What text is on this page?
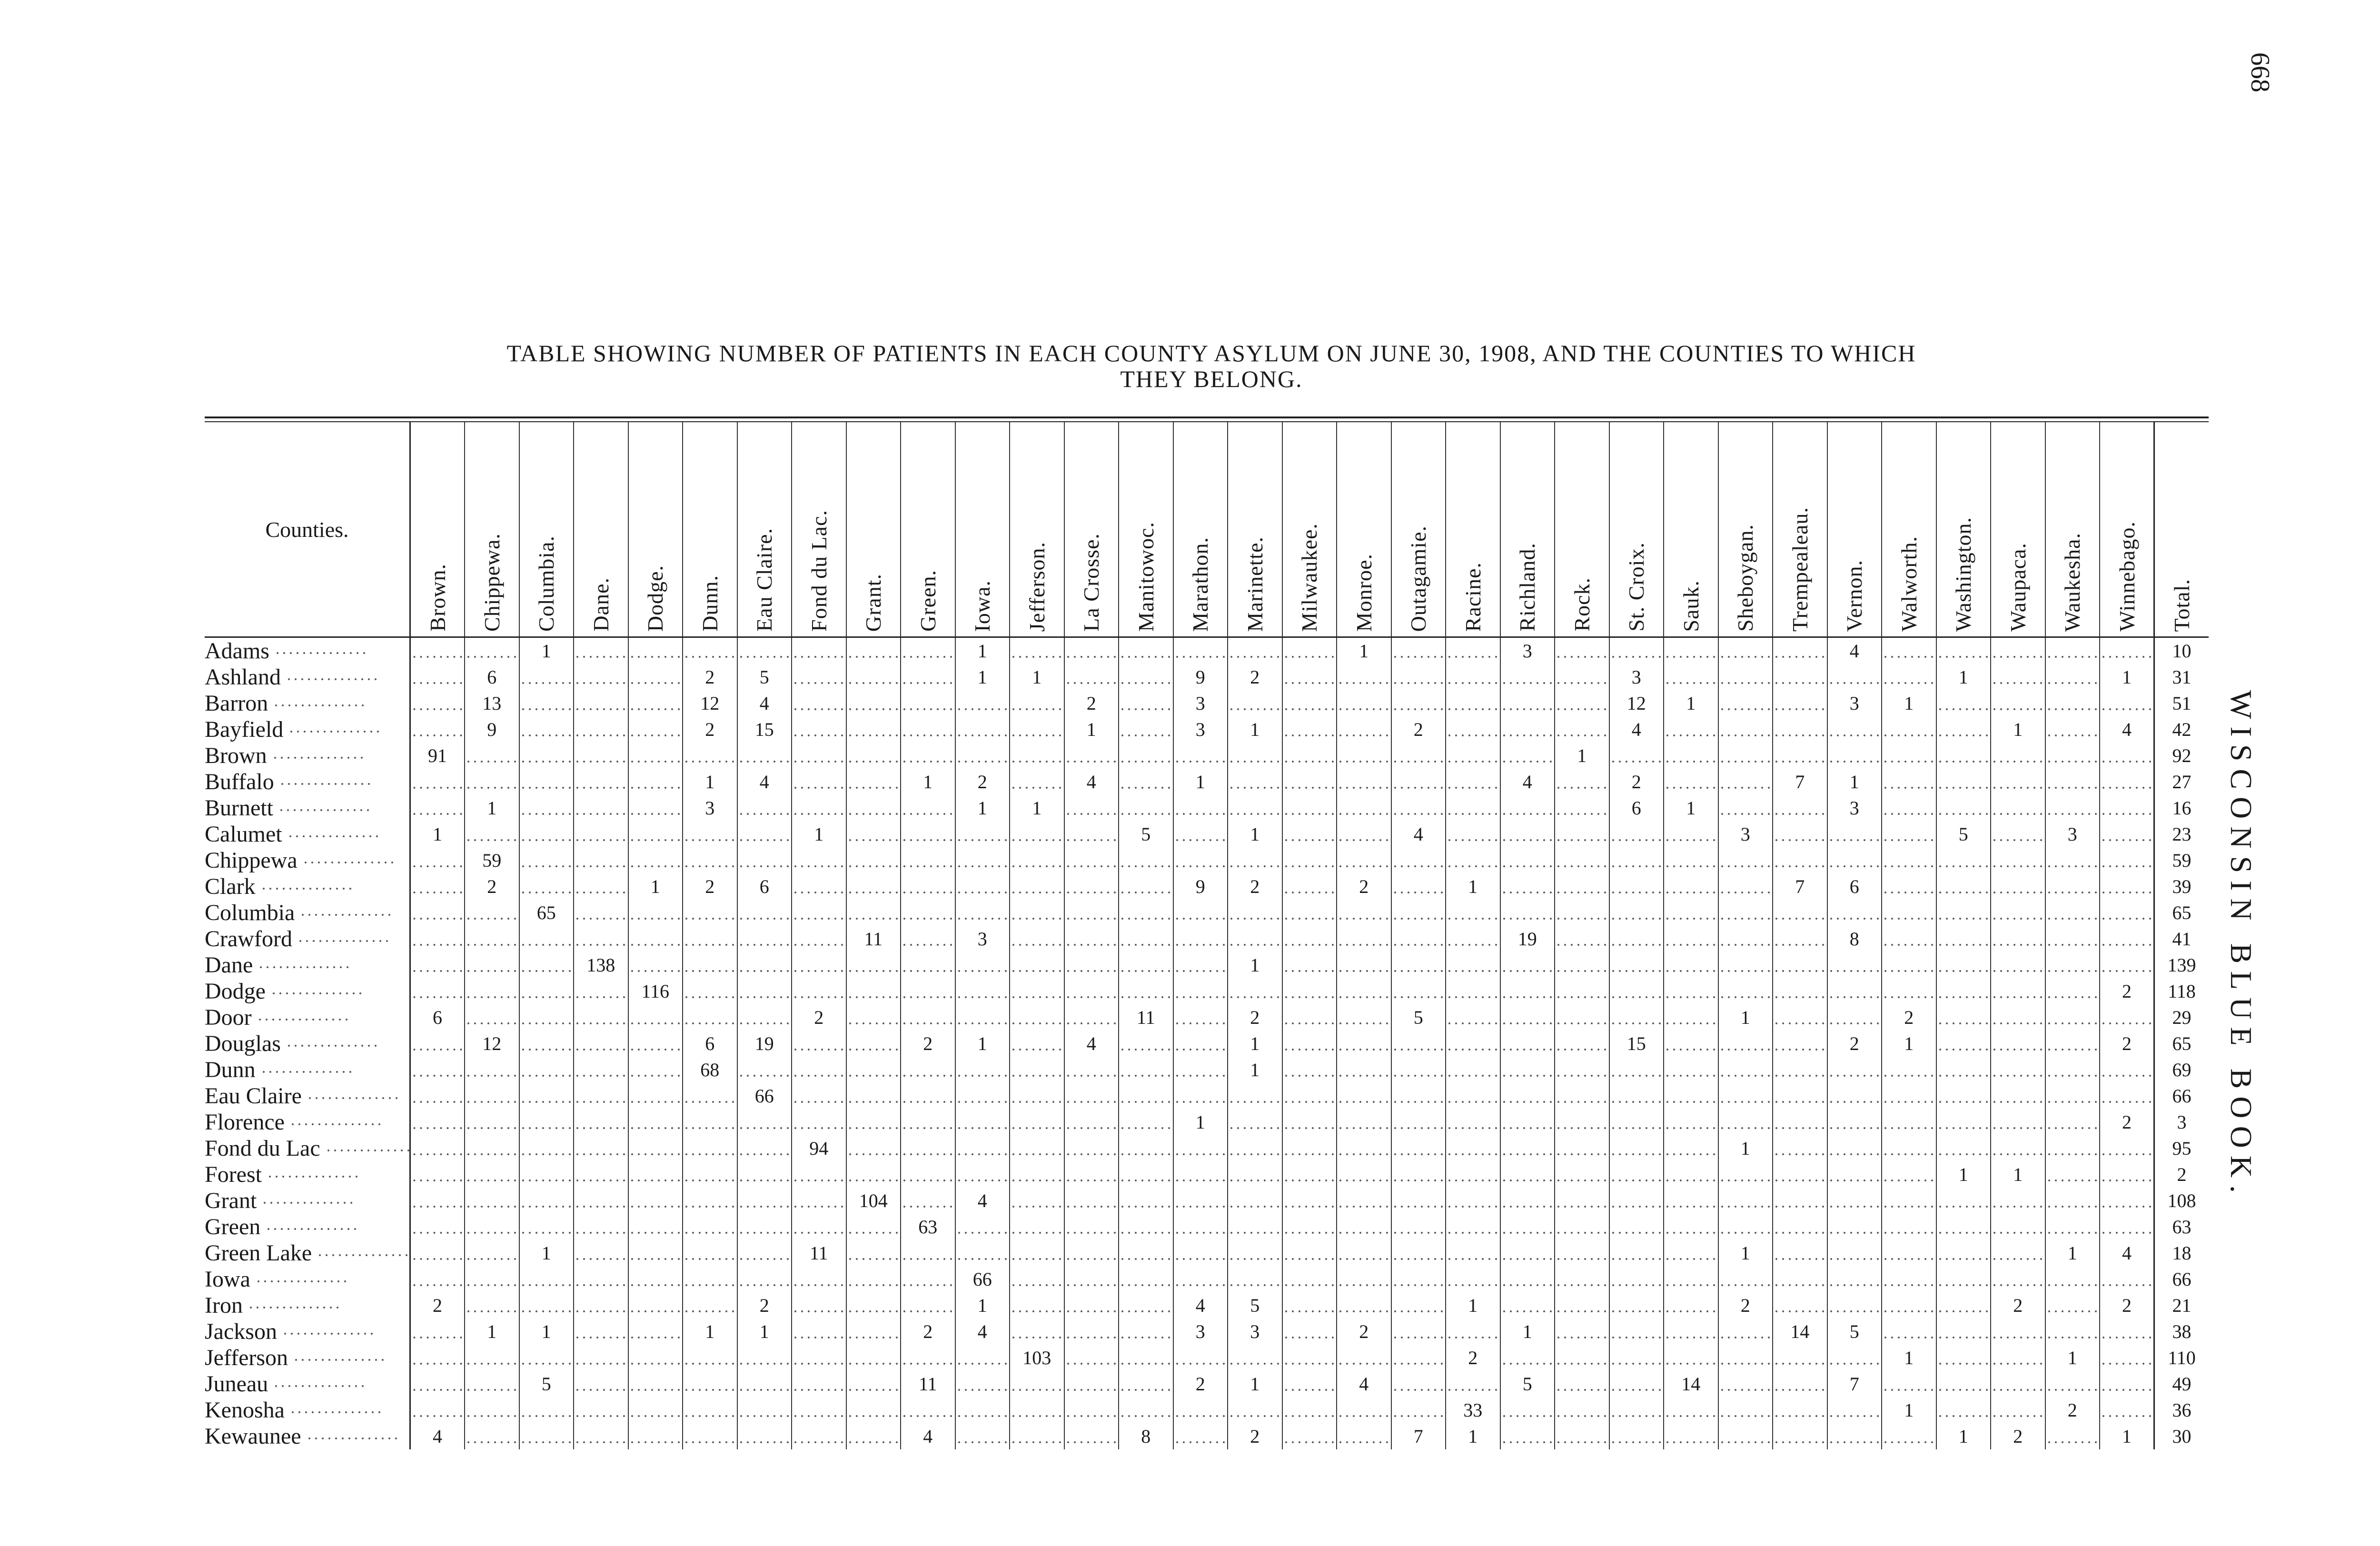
668
WISCONSIN BLUE BOOK.
TABLE SHOWING NUMBER OF PATIENTS IN EACH COUNTY ASYLUM ON JUNE 30, 1908, AND THE COUNTIES TO WHICH
THEY BELONG.
Counties.	Brown.	Chippewa.	Columbia.	Dane.	Dodge.	Dunn.	Eau Claire.	Fond du Lac.	Grant.	Green.	Iowa.	Jefferson.	La Crosse.	Manitowoc.	Marathon.	Marinette.	Milwaukee.	Monroe.	Outagamie.	Racine.	Richland.	Rock.	St. Croix.	Sauk.	Sheboygan.	Trempealeau.	Vernon.	Walworth.	Washington.	Waupaca.	Waukesha.	Winnebago.	Total.

Adams			1								1							1			3						4						10
Ashland		6				2	5				1	1			9	2							3						1			1	31
Barron		13				12	4						2		3								12	1			3	1					51
Bayfield		9				2	15						1		3	1			2				4							1		4	42
Brown	91																					1											92
Buffalo						1	4			1	2		4		1						4		2			7	1						27
Burnett		1				3					1	1											6	1			3						16
Calumet	1							1						5		1			4						3				5		3		23
Chippewa		59																															59
Clark		2			1	2	6								9	2		2		1						7	6						39
Columbia			65																														65
Crawford									11		3										19						8						41
Dane				138												1																	139
Dodge					116																											2	118
Door	6							2						11		2			5						1			2					29
Douglas		12				6	19			2	1		4			1							15				2	1				2	65
Dunn						68										1																	69
Eau Claire							66																										66
Florence															1																	2	3
Fond du Lac								94																	1								95
Forest																													1	1			2
Grant									104		4																						108
Green										63																							63
Green Lake			1					11																	1						1	4	18
Iowa											66																						66
Iron	2						2				1				4	5				1					2					2		2	21
Jackson		1	1			1	1			2	4				3	3		2			1					14	5						38
Jefferson												103								2								1			1		110
Juneau			5							11					2	1		4			5			14			7						49
Kenosha																				33								1			2		36
Kewaunee	4									4				8		2			7	1									1	2		1	30
